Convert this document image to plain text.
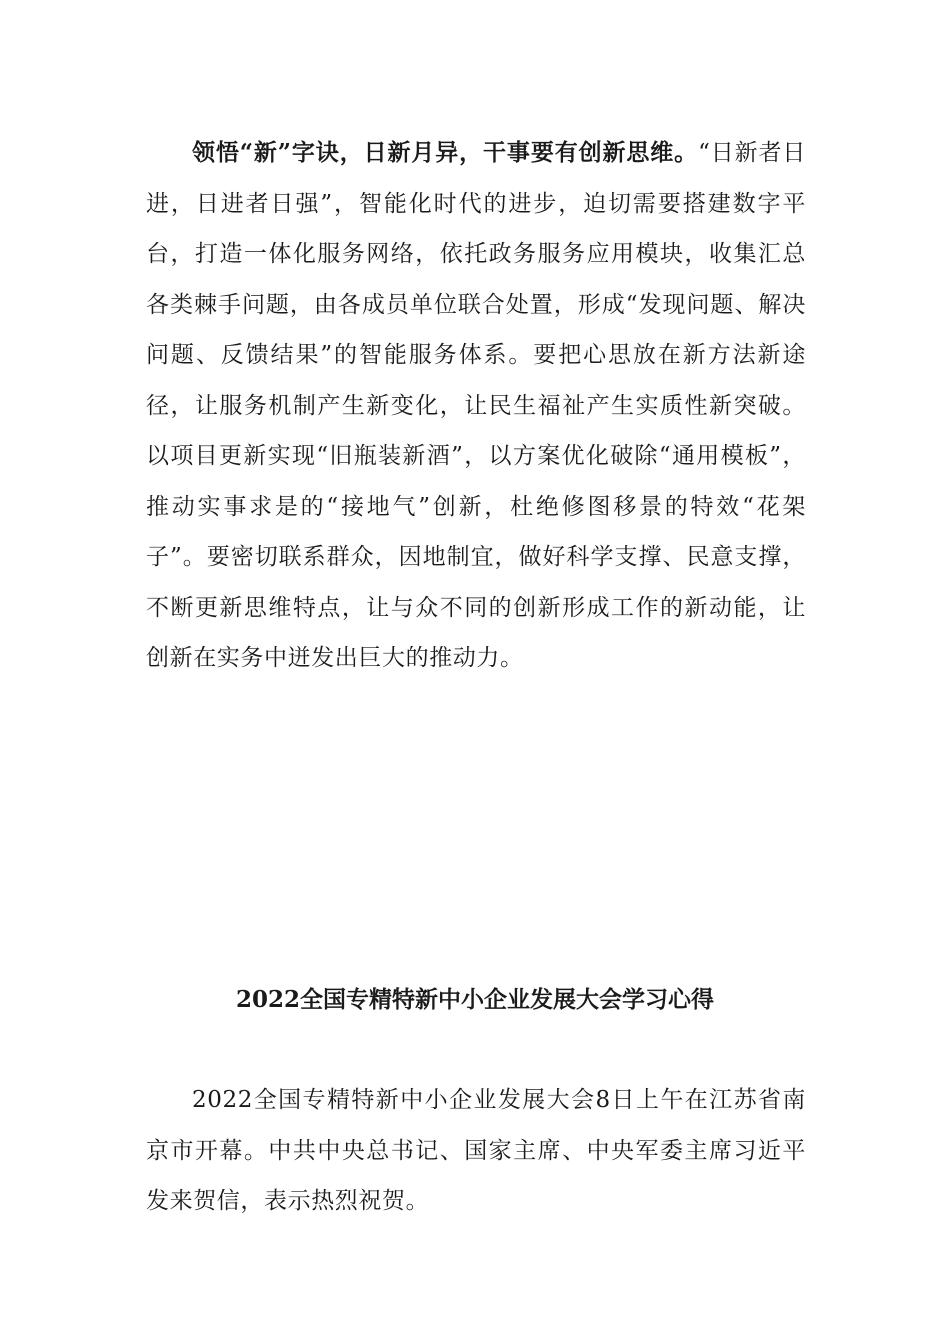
领悟“新”字诀，日新月异，干事要有创新思维。“日新者日进，日进者日强”，智能化时代的进步，迫切需要搭建数字平台，打造一体化服务网络，依托政务服务应用模块，收集汇总各类棘手问题，由各成员单位联合处置，形成“发现问题、解决问题、反馈结果”的智能服务体系。要把心思放在新方法新途径，让服务机制产生新变化，让民生福祉产生实质性新突破。以项目更新实现“旧瓶装新酒”，以方案优化破除“通用模板”，推动实事求是的“接地气”创新，杜绝修图移景的特效“花架子”。要密切联系群众，因地制宜，做好科学支撑、民意支撑，不断更新思维特点，让与众不同的创新形成工作的新动能，让创新在实务中迸发出巨大的推动力。

2022全国专精特新中小企业发展大会学习心得

2022全国专精特新中小企业发展大会8日上午在江苏省南京市开幕。中共中央总书记、国家主席、中央军委主席习近平发来贺信，表示热烈祝贺。
